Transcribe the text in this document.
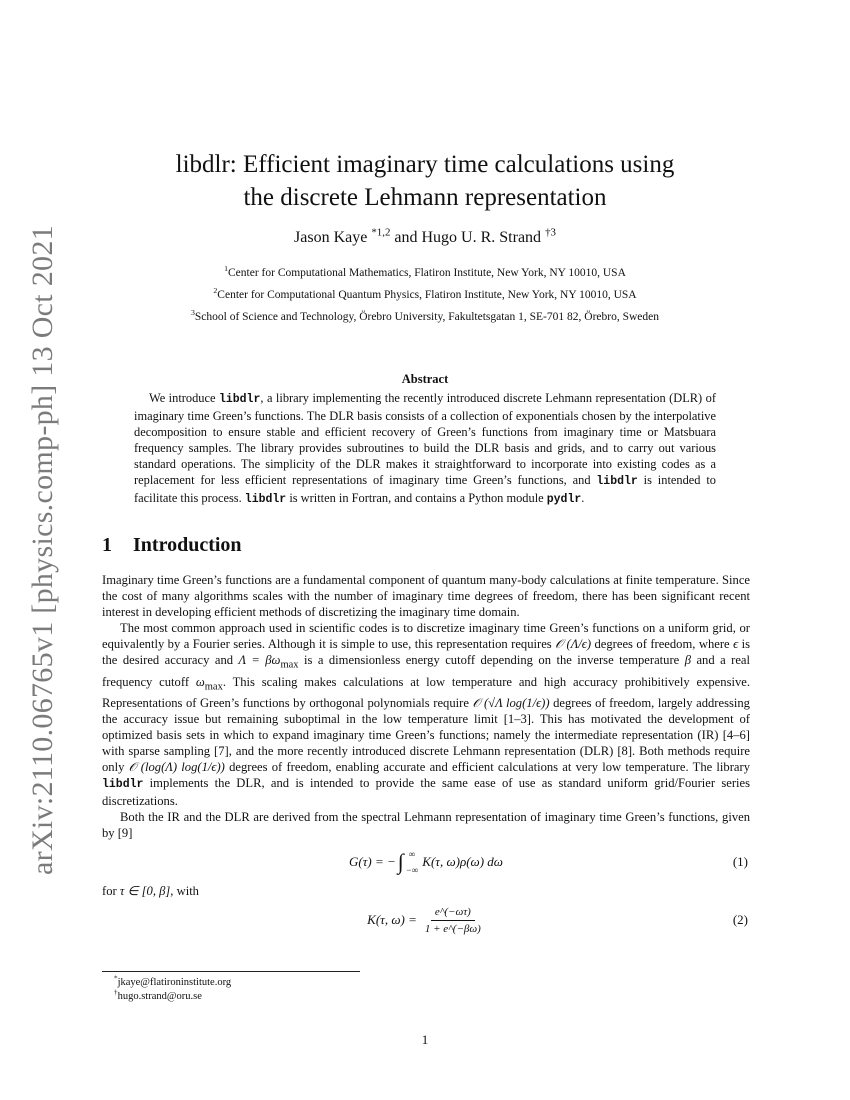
arXiv:2110.06765v1 [physics.comp-ph] 13 Oct 2021
libdlr: Efficient imaginary time calculations using
the discrete Lehmann representation
Jason Kaye $^{*1,2}$ and Hugo U. R. Strand $^{\dagger 3}$
$^1$Center for Computational Mathematics, Flatiron Institute, New York, NY 10010, USA
$^2$Center for Computational Quantum Physics, Flatiron Institute, New York, NY 10010, USA
$^3$School of Science and Technology, Örebro University, Fakultetsgatan 1, SE-701 82, Örebro, Sweden
Abstract

We introduce libdlr, a library implementing the recently introduced discrete Lehmann representation (DLR) of imaginary time Green’s functions. The DLR basis consists of a collection of exponentials chosen by the interpolative decomposition to ensure stable and efficient recovery of Green’s functions from imaginary time or Matsbuara frequency samples. The library provides subroutines to build the DLR basis and grids, and to carry out various standard operations. The simplicity of the DLR makes it straightforward to incorporate into existing codes as a replacement for less efficient representations of imaginary time Green’s functions, and libdlr is intended to facilitate this process. libdlr is written in Fortran, and contains a Python module pydlr.

1 Introduction

Imaginary time Green’s functions are a fundamental component of quantum many-body calculations at finite temperature. Since the cost of many algorithms scales with the number of imaginary time degrees of freedom, there has been significant recent interest in developing efficient methods of discretizing the imaginary time domain.

The most common approach used in scientific codes is to discretize imaginary time Green’s functions on a uniform grid, or equivalently by a Fourier series. Although it is simple to use, this representation requires 𝒪 (Λ/ϵ) degrees of freedom, where ϵ is the desired accuracy and $\Lambda = \beta\omega_{max}$ is a dimensionless energy cutoff depending on the inverse temperature β and a real frequency cutoff $\omega_{max}$. This scaling makes calculations at low temperature and high accuracy prohibitively expensive. Representations of Green’s functions by orthogonal polynomials require 𝒪 (√Λ log(1/ϵ)) degrees of freedom, largely addressing the accuracy issue but remaining suboptimal in the low temperature limit [1–3]. This has motivated the development of optimized basis sets in which to expand imaginary time Green’s functions; namely the intermediate representation (IR) [4–6] with sparse sampling [7], and the more recently introduced discrete Lehmann representation (DLR) [8]. Both methods require only 𝒪 (log(Λ) log(1/ϵ)) degrees of freedom, enabling accurate and efficient calculations at very low temperature. The library libdlr implements the DLR, and is intended to provide the same ease of use as standard uniform grid/Fourier series discretizations.

Both the IR and the DLR are derived from the spectral Lehmann representation of imaginary time Green’s functions, given by [9]

G(τ) = − ∫ ∞
−∞
K(τ, ω)ρ(ω) dω	(1)

for τ ∈ [0, β], with

K(τ, $\omega) = \frac{e\^{}(-\omega\tau)}{1 + e\^{}(-\beta\omega)}$	(2)
*jkaye@flatironinstitute.org
†hugo.strand@oru.se
1
